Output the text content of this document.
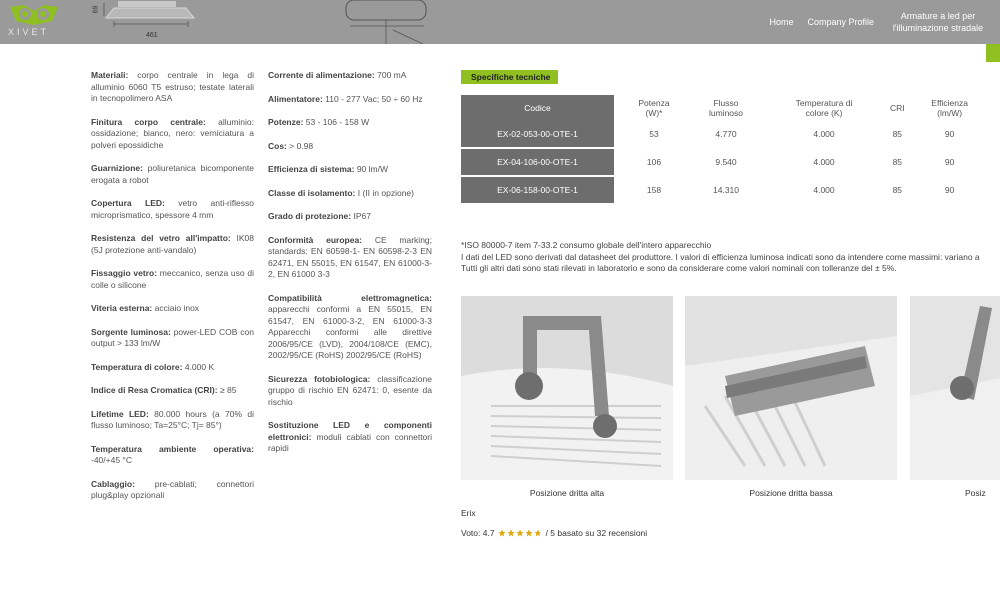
XIVET
69
461
Home Company Profile
Armature a led per
l'illuminazione stradale
Materiali: corpo centrale in lega di alluminio 6060 T5 estruso; testate laterali in tecnopolimero ASA
Finitura corpo centrale: alluminio: ossidazione; bianco, nero: verniciatura a polveri epossidiche
Guarnizione: poliuretanica bicomponente erogata a robot
Copertura LED: vetro anti-riflesso microprismatico, spessore 4 mm
Resistenza del vetro all'impatto: IK08 (5J protezione anti-vandalo)
Fissaggio vetro: meccanico, senza uso di colle o silicone
Viteria esterna: acciaio inox
Sorgente luminosa: power-LED COB con output > 133 lm/W
Temperatura di colore: 4.000 K
Indice di Resa Cromatica (CRI): ≥ 85
Lifetime LED: 80.000 hours (a 70% di flusso luminoso; Ta=25°C; Tj= 85°)
Temperatura ambiente operativa: -40/+45 °C
Cablaggio: pre-cablati; connettori plug&play opzionali
Corrente di alimentazione: 700 mA
Alimentatore: 110 - 277 Vac; 50 ÷ 60 Hz
Potenze: 53 - 106 - 158 W
Cos: > 0.98
Efficienza di sistema: 90 lm/W
Classe di isolamento: I (II in opzione)
Grado di protezione: IP67
Conformità europea: CE marking; standards: EN 60598-1- EN 60598-2-3 EN 62471, EN 55015, EN 61547, EN 61000-3-2, EN 61000 3-3
Compatibilità elettromagnetica: apparecchi conformi a EN 55015, EN 61547, EN 61000-3-2, EN 61000-3-3 Apparecchi conformi alle direttive 2006/95/CE (LVD), 2004/108/CE (EMC), 2002/95/CE (RoHS) 2002/95/CE (RoHS)
Sicurezza fotobiologica: classificazione gruppo di rischio EN 62471: 0, esente da rischio
Sostituzione LED e componenti elettronici: moduli cablati con connettori rapidi
Specifiche tecniche
Codice	Potenza (W)*	Flusso luminoso	Temperatura di colore (K)	CRI	Efficienza (lm/W)
EX-02-053-00-OTE-1	53	4.770	4.000	85	90
EX-04-106-00-OTE-1	106	9.540	4.000	85	90
EX-06-158-00-OTE-1	158	14.310	4.000	85	90
*ISO 80000-7 item 7-33.2 consumo globale dell'intero apparecchio
I dati del LED sono derivati dal datasheet del produttore. I valori di efficienza luminosa indicati sono da intendere come massimi: variano a
Tutti gli altri dati sono stati rilevati in laboratorio e sono da considerare come valori nominali con tolleranze del ± 5%.
Posizione dritta alta	Posizione dritta bassa	Posiz
Erix
Voto: 4.7	/ 5 basato su 32 recensioni
